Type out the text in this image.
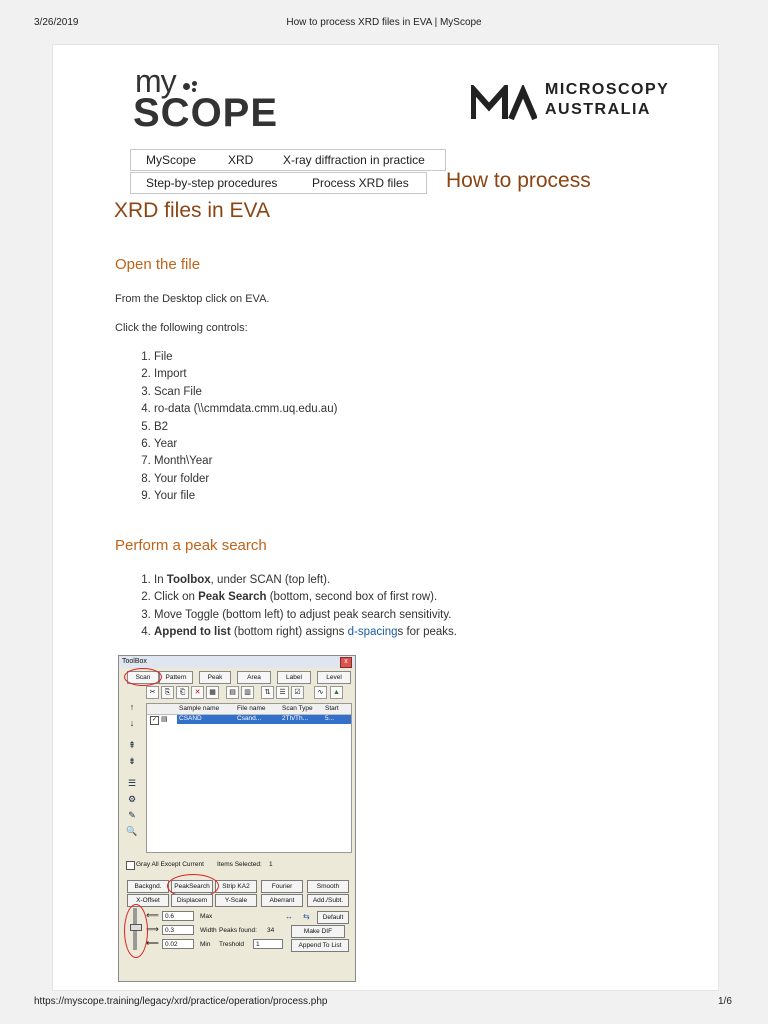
3/26/2019	How to process XRD files in EVA | MyScope
my
SCOPE
MICROSCOPY
AUSTRALIA
MyScope	XRD X-ray diffraction in practice
Step-by-step procedures	Process XRD files How to process
XRD files in EVA
Open the file

From the Desktop click on EVA.

Click the following controls:

1. File
2. Import
3. Scan File
4. ro-data (\\cmmdata.cmm.uq.edu.au)
5. B2
6. Year
7. Month\Year
8. Your folder
9. Your file
Perform a peak search
1. In Toolbox, under SCAN (top left).
2. Click on Peak Search (bottom, second box of first row).
3. Move Toggle (bottom left) to adjust peak search sensitivity.
4. Append to list (bottom right) assigns d-spacings for peaks.
ToolBox	x
Scan	Pattern	Peak	Area	Label	Level
✂	⎘	⎗	✕	▦	▤	▥	⇅	☰	☑	∿	▲
↑
↓
⇞
⇟
☰
⚙
✎
🔍
Sample name	File name	Scan Type Start
✓ ▤ CSAND	Csand...	2Th/Th...	5...
Gray All Except Current Items Selected: 1
Backgnd.	PeakSearch	Strip KA2	Fourier	Smooth
X-Offset	Displacem	Y-Scale	Aberrant	Add./Subt.
⟸
⟹
⟵
0.6	Max
0.3	Width
0.02	Min
↔ ⇆	Default
Peaks found: 34	Make DIF
Treshold	1	Append To List
https://myscope.training/legacy/xrd/practice/operation/process.php	1/6
